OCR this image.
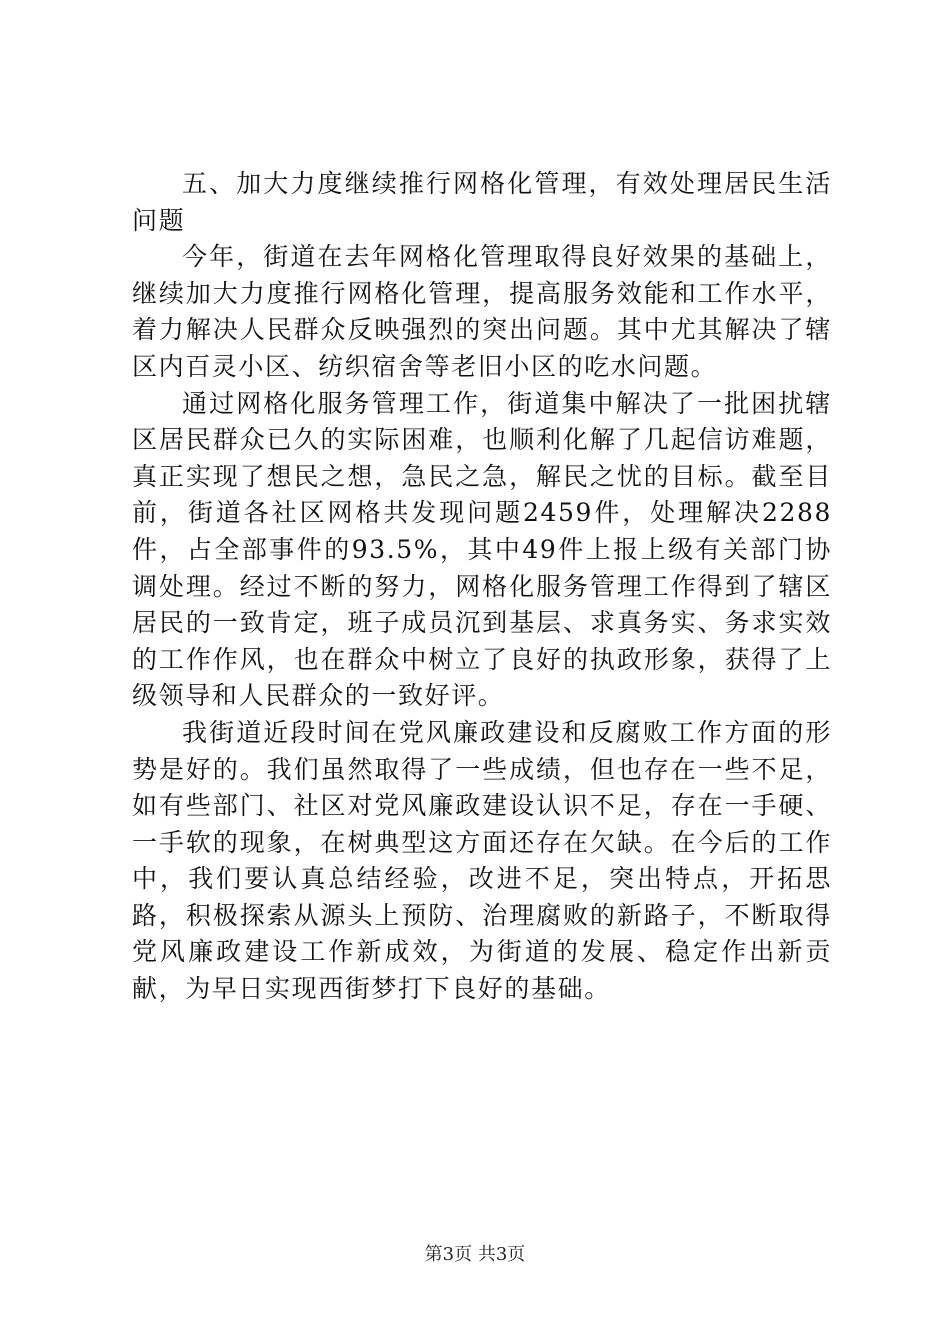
五、加大力度继续推行网格化管理，有效处理居民生活问题

今年，街道在去年网格化管理取得良好效果的基础上，继续加大力度推行网格化管理，提高服务效能和工作水平，着力解决人民群众反映强烈的突出问题。其中尤其解决了辖区内百灵小区、纺织宿舍等老旧小区的吃水问题。

通过网格化服务管理工作，街道集中解决了一批困扰辖区居民群众已久的实际困难，也顺利化解了几起信访难题，真正实现了想民之想，急民之急，解民之忧的目标。截至目前，街道各社区网格共发现问题2459件，处理解决2288件，占全部事件的93.5%，其中49件上报上级有关部门协调处理。经过不断的努力，网格化服务管理工作得到了辖区居民的一致肯定，班子成员沉到基层、求真务实、务求实效的工作作风，也在群众中树立了良好的执政形象，获得了上级领导和人民群众的一致好评。

我街道近段时间在党风廉政建设和反腐败工作方面的形势是好的。我们虽然取得了一些成绩，但也存在一些不足，如有些部门、社区对党风廉政建设认识不足，存在一手硬、一手软的现象，在树典型这方面还存在欠缺。在今后的工作中，我们要认真总结经验，改进不足，突出特点，开拓思路，积极探索从源头上预防、治理腐败的新路子，不断取得党风廉政建设工作新成效，为街道的发展、稳定作出新贡献，为早日实现西街梦打下良好的基础。

第3页 共3页
